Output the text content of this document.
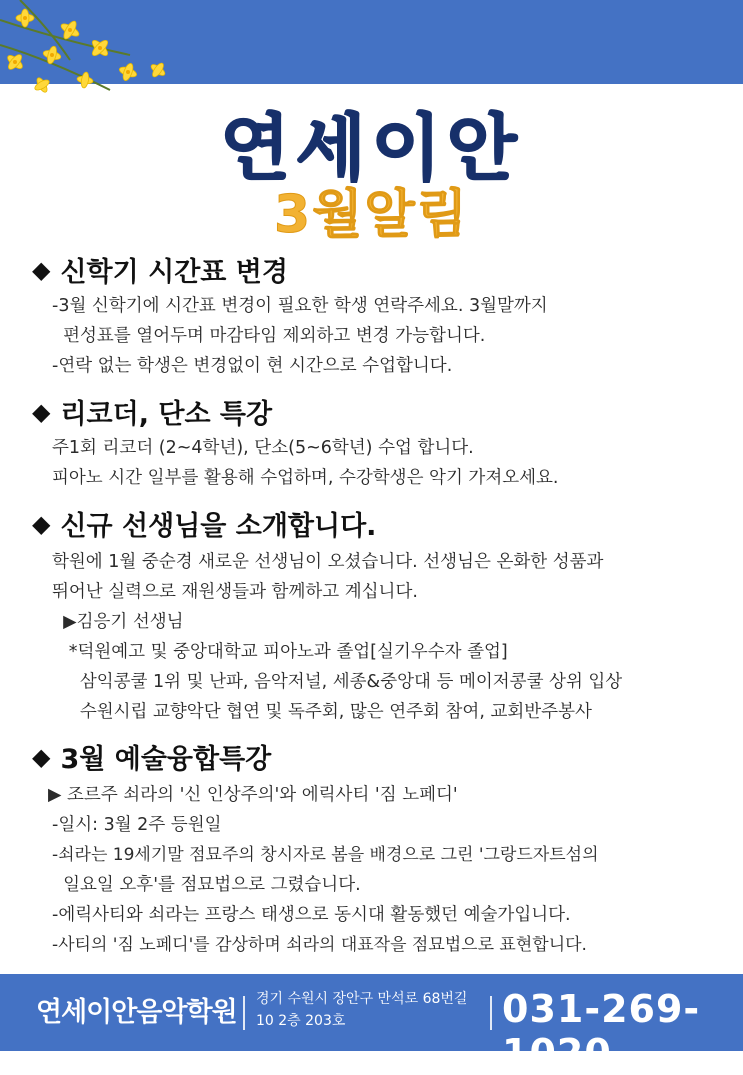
연세이안
3월알림
◆ 신학기 시간표 변경
-3월 신학기에 시간표 변경이 필요한 학생 연락주세요. 3월말까지
편성표를 열어두며 마감타임 제외하고 변경 가능합니다.
-연락 없는 학생은 변경없이 현 시간으로 수업합니다.
◆ 리코더, 단소 특강
주1회 리코더 (2~4학년), 단소(5~6학년) 수업 합니다.
피아노 시간 일부를 활용해 수업하며, 수강학생은 악기 가져오세요.
◆ 신규 선생님을 소개합니다.
학원에 1월 중순경 새로운 선생님이 오셨습니다. 선생님은 온화한 성품과
뛰어난 실력으로 재원생들과 함께하고 계십니다.
▶김응기 선생님
*덕원예고 및 중앙대학교 피아노과 졸업[실기우수자 졸업]
삼익콩쿨 1위 및 난파, 음악저널, 세종&중앙대 등 메이저콩쿨 상위 입상
수원시립 교향악단 협연 및 독주회, 많은 연주회 참여, 교회반주봉사
◆ 3월 예술융합특강
▶ 조르주 쇠라의 '신 인상주의'와 에릭사티 '짐 노페디'
-일시: 3월 2주 등원일
-쇠라는 19세기말 점묘주의 창시자로 봄을 배경으로 그린 '그랑드자트섬의
일요일 오후'를 점묘법으로 그렸습니다.
-에릭사티와 쇠라는 프랑스 태생으로 동시대 활동했던 예술가입니다.
-사티의 '짐 노페디'를 감상하며 쇠라의 대표작을 점묘법으로 표현합니다.
연세이안음악학원 경기 수원시 장안구 만석로 68번길
10 2층 203호	031-269-1020
